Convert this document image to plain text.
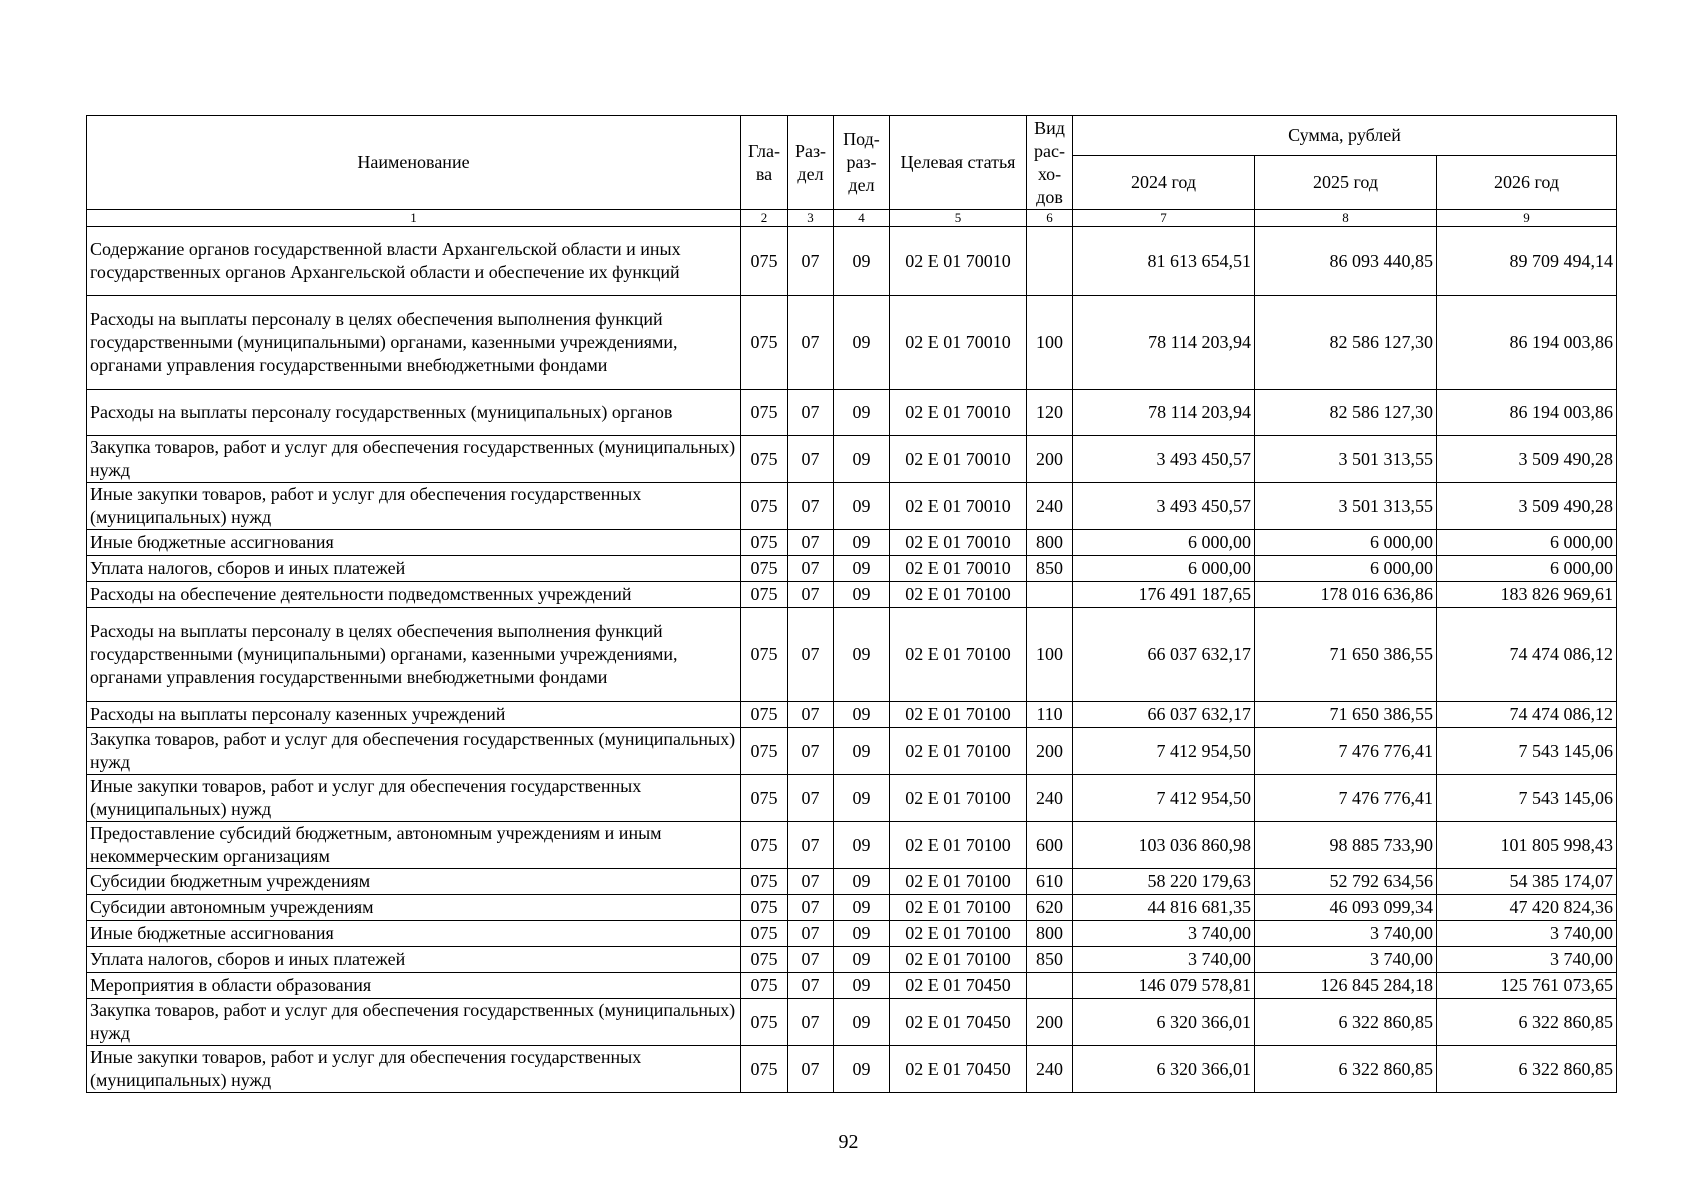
Наименование	Гла-ва	Раз-дел	Под-раз-дел	Целевая статья	Вид рас-хо-дов	Сумма, рублей		
						2024 год	2025 год	2026 год
1	2	3	4	5	6	7	8	9
Содержание органов государственной власти Архангельской области и иных государственных органов Архангельской области и обеспечение их функций	075	07	09	02 Е 01 70010		81 613 654,51	86 093 440,85	89 709 494,14
Расходы на выплаты персоналу в целях обеспечения выполнения функций государственными (муниципальными) органами, казенными учреждениями, органами управления государственными внебюджетными фондами	075	07	09	02 Е 01 70010	100	78 114 203,94	82 586 127,30	86 194 003,86
Расходы на выплаты персоналу государственных (муниципальных) органов	075	07	09	02 Е 01 70010	120	78 114 203,94	82 586 127,30	86 194 003,86
Закупка товаров, работ и услуг для обеспечения государственных (муниципальных) нужд	075	07	09	02 Е 01 70010	200	3 493 450,57	3 501 313,55	3 509 490,28
Иные закупки товаров, работ и услуг для обеспечения государственных (муниципальных) нужд	075	07	09	02 Е 01 70010	240	3 493 450,57	3 501 313,55	3 509 490,28
Иные бюджетные ассигнования	075	07	09	02 Е 01 70010	800	6 000,00	6 000,00	6 000,00
Уплата налогов, сборов и иных платежей	075	07	09	02 Е 01 70010	850	6 000,00	6 000,00	6 000,00
Расходы на обеспечение деятельности подведомственных учреждений	075	07	09	02 Е 01 70100		176 491 187,65	178 016 636,86	183 826 969,61
Расходы на выплаты персоналу в целях обеспечения выполнения функций государственными (муниципальными) органами, казенными учреждениями, органами управления государственными внебюджетными фондами	075	07	09	02 Е 01 70100	100	66 037 632,17	71 650 386,55	74 474 086,12
Расходы на выплаты персоналу казенных учреждений	075	07	09	02 Е 01 70100	110	66 037 632,17	71 650 386,55	74 474 086,12
Закупка товаров, работ и услуг для обеспечения государственных (муниципальных) нужд	075	07	09	02 Е 01 70100	200	7 412 954,50	7 476 776,41	7 543 145,06
Иные закупки товаров, работ и услуг для обеспечения государственных (муниципальных) нужд	075	07	09	02 Е 01 70100	240	7 412 954,50	7 476 776,41	7 543 145,06
Предоставление субсидий бюджетным, автономным учреждениям и иным некоммерческим организациям	075	07	09	02 Е 01 70100	600	103 036 860,98	98 885 733,90	101 805 998,43
Субсидии бюджетным учреждениям	075	07	09	02 Е 01 70100	610	58 220 179,63	52 792 634,56	54 385 174,07
Субсидии автономным учреждениям	075	07	09	02 Е 01 70100	620	44 816 681,35	46 093 099,34	47 420 824,36
Иные бюджетные ассигнования	075	07	09	02 Е 01 70100	800	3 740,00	3 740,00	3 740,00
Уплата налогов, сборов и иных платежей	075	07	09	02 Е 01 70100	850	3 740,00	3 740,00	3 740,00
Мероприятия в области образования	075	07	09	02 Е 01 70450		146 079 578,81	126 845 284,18	125 761 073,65
Закупка товаров, работ и услуг для обеспечения государственных (муниципальных) нужд	075	07	09	02 Е 01 70450	200	6 320 366,01	6 322 860,85	6 322 860,85
Иные закупки товаров, работ и услуг для обеспечения государственных (муниципальных) нужд	075	07	09	02 Е 01 70450	240	6 320 366,01	6 322 860,85	6 322 860,85
92
